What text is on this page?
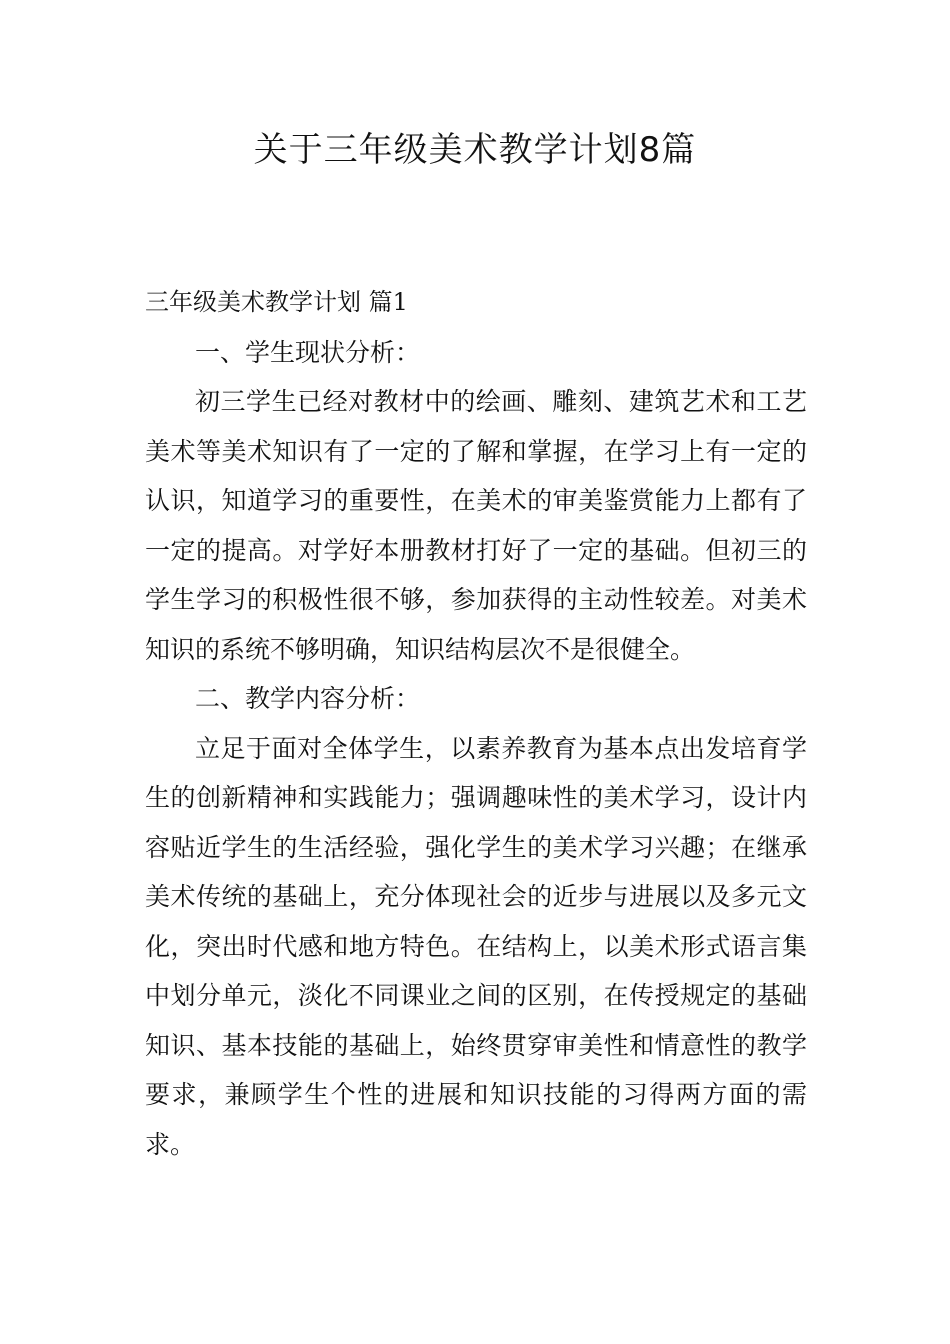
关于三年级美术教学计划8篇
三年级美术教学计划 篇1

一、学生现状分析：

初三学生已经对教材中的绘画、雕刻、建筑艺术和工艺美术等美术知识有了一定的了解和掌握，在学习上有一定的认识，知道学习的重要性，在美术的审美鉴赏能力上都有了一定的提高。对学好本册教材打好了一定的基础。但初三的学生学习的积极性很不够，参加获得的主动性较差。对美术知识的系统不够明确，知识结构层次不是很健全。

二、教学内容分析：

立足于面对全体学生，以素养教育为基本点出发培育学生的创新精神和实践能力；强调趣味性的美术学习，设计内容贴近学生的生活经验，强化学生的美术学习兴趣；在继承美术传统的基础上，充分体现社会的近步与进展以及多元文化，突出时代感和地方特色。在结构上，以美术形式语言集中划分单元，淡化不同课业之间的区别，在传授规定的基础知识、基本技能的基础上，始终贯穿审美性和情意性的教学要求，兼顾学生个性的进展和知识技能的习得两方面的需求。
